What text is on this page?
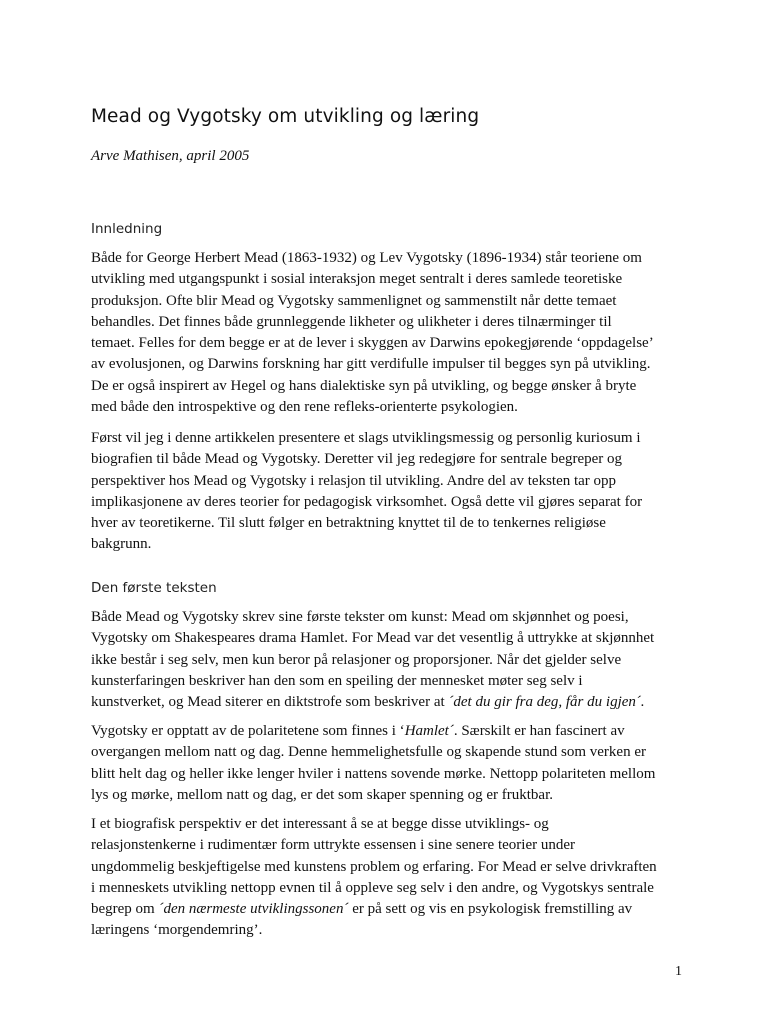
Mead og Vygotsky om utvikling og læring

Arve Mathisen, april 2005

Innledning

Både for George Herbert Mead (1863-1932) og Lev Vygotsky (1896-1934) står teoriene om
utvikling med utgangspunkt i sosial interaksjon meget sentralt i deres samlede teoretiske
produksjon. Ofte blir Mead og Vygotsky sammenlignet og sammenstilt når dette temaet
behandles. Det finnes både grunnleggende likheter og ulikheter i deres tilnærminger til
temaet. Felles for dem begge er at de lever i skyggen av Darwins epokegjørende ‘oppdagelse’
av evolusjonen, og Darwins forskning har gitt verdifulle impulser til begges syn på utvikling.
De er også inspirert av Hegel og hans dialektiske syn på utvikling, og begge ønsker å bryte
med både den introspektive og den rene refleks-orienterte psykologien.

Først vil jeg i denne artikkelen presentere et slags utviklingsmessig og personlig kuriosum i
biografien til både Mead og Vygotsky. Deretter vil jeg redegjøre for sentrale begreper og
perspektiver hos Mead og Vygotsky i relasjon til utvikling. Andre del av teksten tar opp
implikasjonene av deres teorier for pedagogisk virksomhet. Også dette vil gjøres separat for
hver av teoretikerne. Til slutt følger en betraktning knyttet til de to tenkernes religiøse
bakgrunn.

Den første teksten

Både Mead og Vygotsky skrev sine første tekster om kunst: Mead om skjønnhet og poesi,
Vygotsky om Shakespeares drama Hamlet. For Mead var det vesentlig å uttrykke at skjønnhet
ikke består i seg selv, men kun beror på relasjoner og proporsjoner. Når det gjelder selve
kunsterfaringen beskriver han den som en speiling der mennesket møter seg selv i
kunstverket, og Mead siterer en diktstrofe som beskriver at ´det du gir fra deg, får du igjen´.

Vygotsky er opptatt av de polaritetene som finnes i ‘Hamlet´. Særskilt er han fascinert av
overgangen mellom natt og dag. Denne hemmelighetsfulle og skapende stund som verken er
blitt helt dag og heller ikke lenger hviler i nattens sovende mørke. Nettopp polariteten mellom
lys og mørke, mellom natt og dag, er det som skaper spenning og er fruktbar.

I et biografisk perspektiv er det interessant å se at begge disse utviklings- og
relasjonstenkerne i rudimentær form uttrykte essensen i sine senere teorier under
ungdommelig beskjeftigelse med kunstens problem og erfaring. For Mead er selve drivkraften
i menneskets utvikling nettopp evnen til å oppleve seg selv i den andre, og Vygotskys sentrale
begrep om ´den nærmeste utviklingssonen´ er på sett og vis en psykologisk fremstilling av
læringens ‘morgendemring’.

1
